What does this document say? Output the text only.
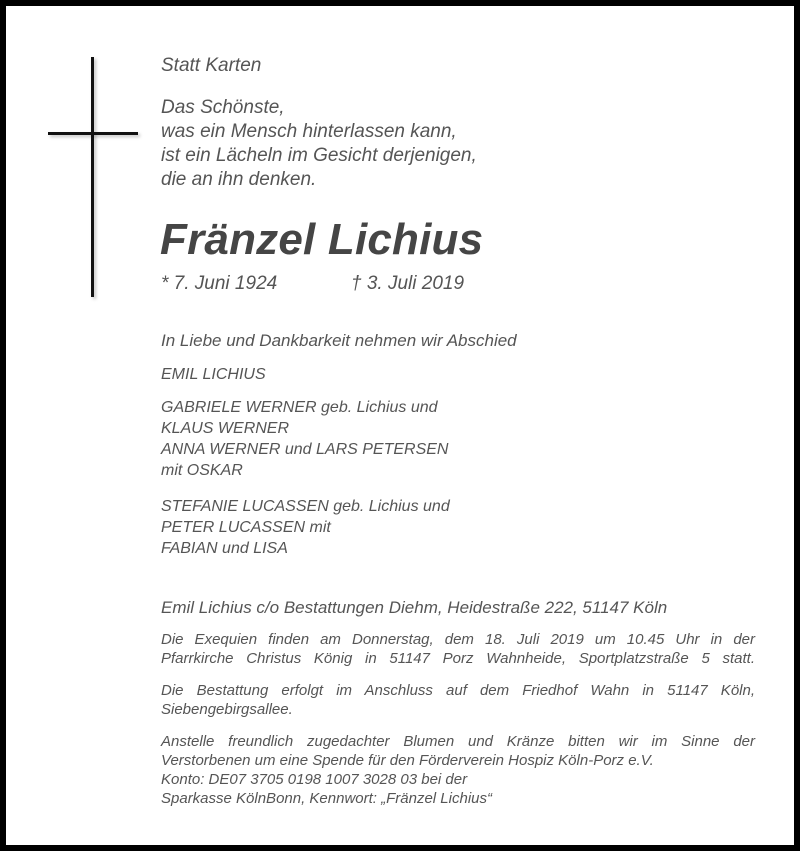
Statt Karten

Das Schönste,
was ein Mensch hinterlassen kann,
ist ein Lächeln im Gesicht derjenigen,
die an ihn denken.
Fränzel Lichius
* 7. Juni 1924	† 3. Juli 2019

In Liebe und Dankbarkeit nehmen wir Abschied

EMIL LICHIUS

GABRIELE WERNER geb. Lichius und
KLAUS WERNER
ANNA WERNER und LARS PETERSEN
mit OSKAR
STEFANIE LUCASSEN geb. Lichius und
PETER LUCASSEN mit
FABIAN und LISA

Emil Lichius c/o Bestattungen Diehm, Heidestraße 222, 51147 Köln

Die Exequien finden am Donnerstag, dem 18. Juli 2019 um 10.45 Uhr in der
Pfarrkirche Christus König in 51147 Porz Wahnheide, Sportplatzstraße 5 statt.
Die Bestattung erfolgt im Anschluss auf dem Friedhof Wahn in 51147 Köln,
Siebengebirgsallee.
Anstelle freundlich zugedachter Blumen und Kränze bitten wir im Sinne der
Verstorbenen um eine Spende für den Förderverein Hospiz Köln-Porz e.V.
Konto: DE07 3705 0198 1007 3028 03 bei der
Sparkasse KölnBonn, Kennwort: „Fränzel Lichius“
